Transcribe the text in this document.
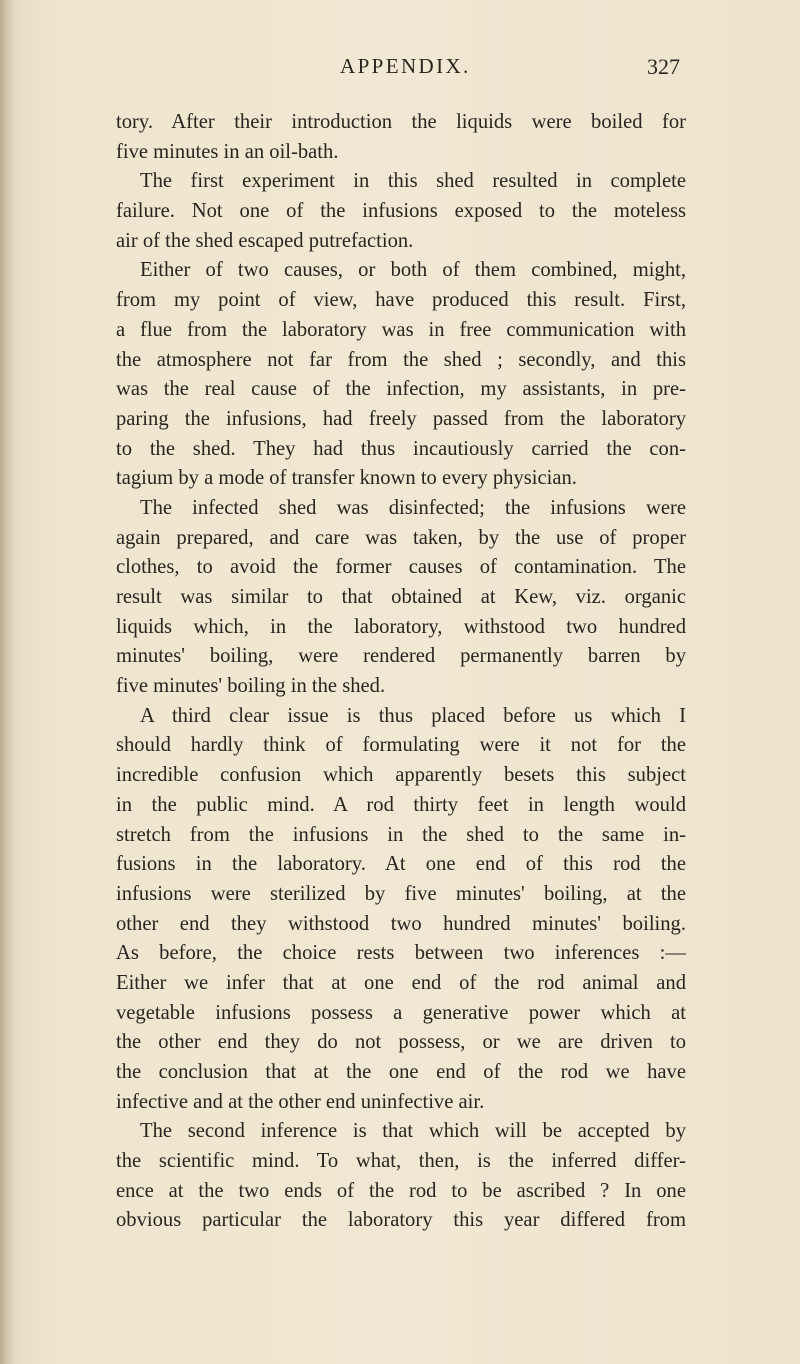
APPENDIX.	327
tory. After their introduction the liquids were boiled for
five minutes in an oil-bath.
The first experiment in this shed resulted in complete
failure. Not one of the infusions exposed to the moteless
air of the shed escaped putrefaction.
Either of two causes, or both of them combined, might,
from my point of view, have produced this result. First,
a flue from the laboratory was in free communication with
the atmosphere not far from the shed ; secondly, and this
was the real cause of the infection, my assistants, in pre-
paring the infusions, had freely passed from the laboratory
to the shed. They had thus incautiously carried the con-
tagium by a mode of transfer known to every physician.
The infected shed was disinfected; the infusions were
again prepared, and care was taken, by the use of proper
clothes, to avoid the former causes of contamination. The
result was similar to that obtained at Kew, viz. organic
liquids which, in the laboratory, withstood two hundred
minutes' boiling, were rendered permanently barren by
five minutes' boiling in the shed.
A third clear issue is thus placed before us which I
should hardly think of formulating were it not for the
incredible confusion which apparently besets this subject
in the public mind. A rod thirty feet in length would
stretch from the infusions in the shed to the same in-
fusions in the laboratory. At one end of this rod the
infusions were sterilized by five minutes' boiling, at the
other end they withstood two hundred minutes' boiling.
As before, the choice rests between two inferences :—
Either we infer that at one end of the rod animal and
vegetable infusions possess a generative power which at
the other end they do not possess, or we are driven to
the conclusion that at the one end of the rod we have
infective and at the other end uninfective air.
The second inference is that which will be accepted by
the scientific mind. To what, then, is the inferred differ-
ence at the two ends of the rod to be ascribed ? In one
obvious particular the laboratory this year differed from
